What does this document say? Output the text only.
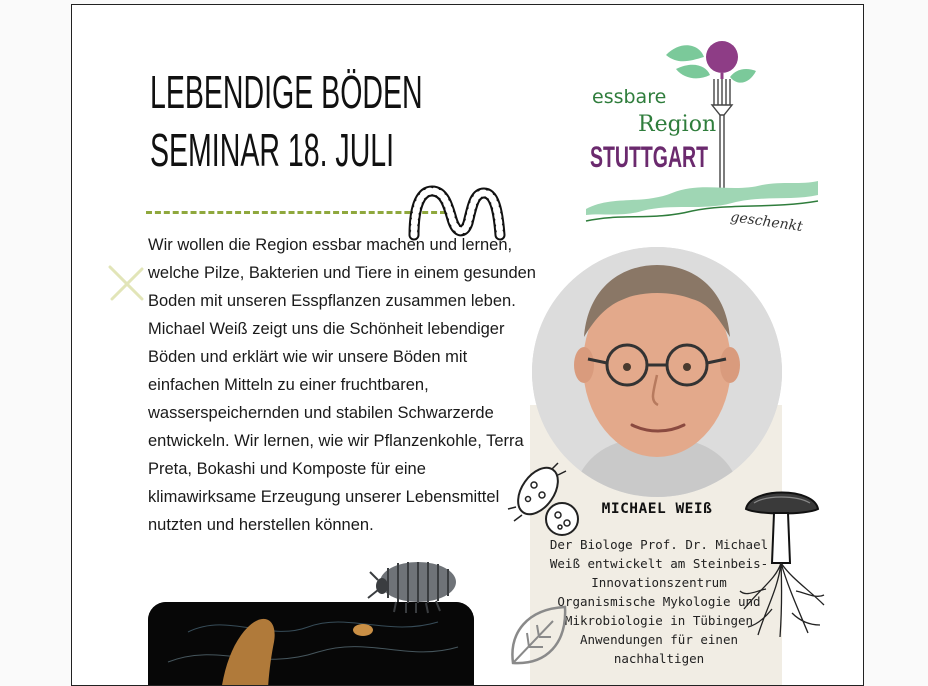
LEBENDIGE BÖDEN
SEMINAR 18. JULI

Wir wollen die Region essbar machen und lernen, welche Pilze, Bakterien und Tiere in einem gesunden Boden mit unseren Esspflanzen zusammen leben. Michael Weiß zeigt uns die Schönheit lebendiger Böden und erklärt wie wir unsere Böden mit einfachen Mitteln zu einer fruchtbaren, wasserspeichernden und stabilen Schwarzerde entwickeln. Wir lernen, wie wir Pflanzenkohle, Terra Preta, Bokashi und Komposte für eine klimawirksame Erzeugung unserer Lebensmittel nutzten und herstellen können.

essbare
Region
STUTTGART
geschenkt
MICHAEL WEIß

Der Biologe Prof. Dr. Michael Weiß entwickelt am Steinbeis-Innovationszentrum Organismische Mykologie und Mikrobiologie in Tübingen Anwendungen für einen nachhaltigen
